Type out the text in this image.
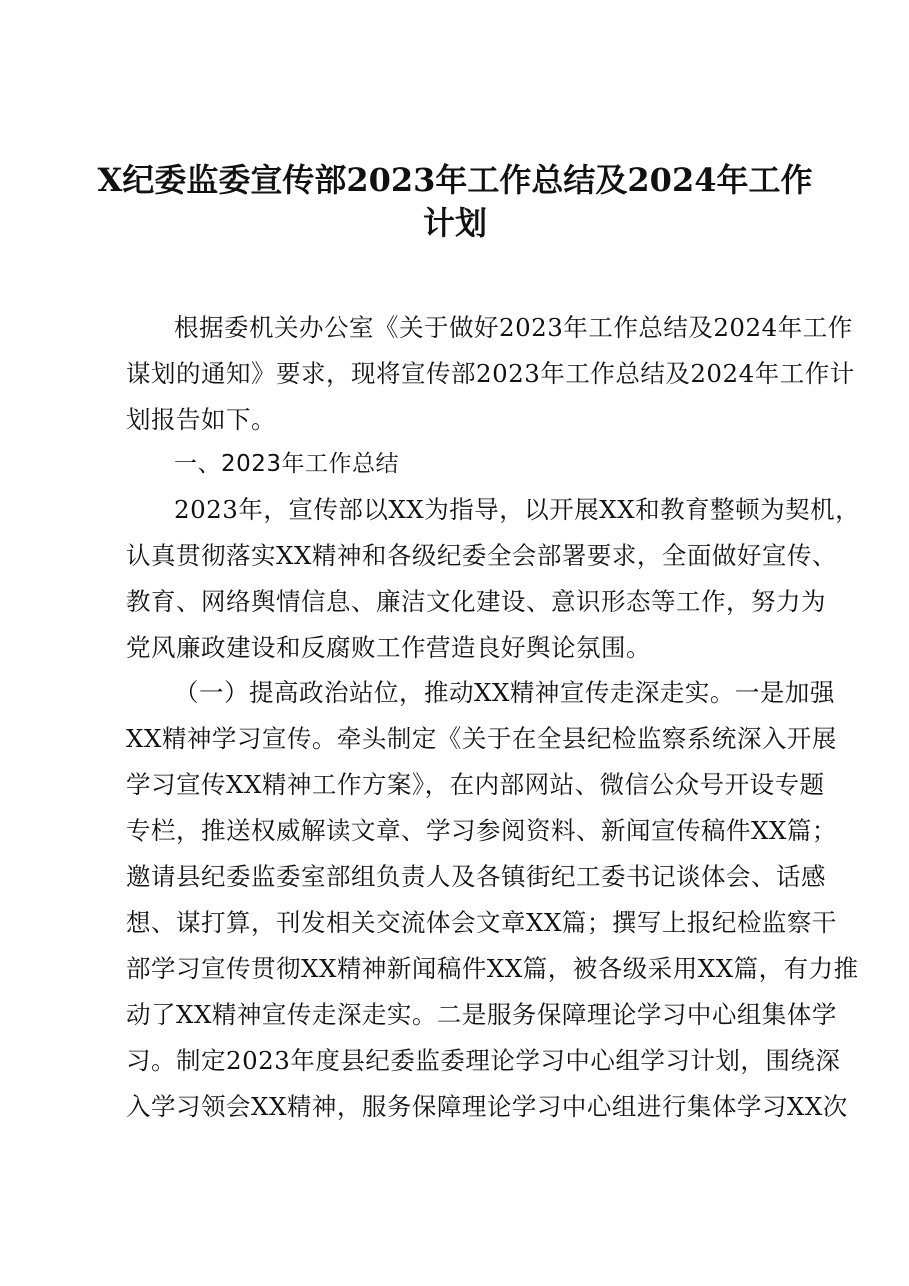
X纪委监委宣传部2023年工作总结及2024年工作
计划
根据委机关办公室《关于做好2023年工作总结及2024年工作
谋划的通知》要求，现将宣传部2023年工作总结及2024年工作计
划报告如下。
一、2023年工作总结
2023年，宣传部以XX为指导，以开展XX和教育整顿为契机，
认真贯彻落实XX精神和各级纪委全会部署要求，全面做好宣传、
教育、网络舆情信息、廉洁文化建设、意识形态等工作，努力为
党风廉政建设和反腐败工作营造良好舆论氛围。
（一）提高政治站位，推动XX精神宣传走深走实。一是加强
XX精神学习宣传。牵头制定《关于在全县纪检监察系统深入开展
学习宣传XX精神工作方案》，在内部网站、微信公众号开设专题
专栏，推送权威解读文章、学习参阅资料、新闻宣传稿件XX篇；
邀请县纪委监委室部组负责人及各镇街纪工委书记谈体会、话感
想、谋打算，刊发相关交流体会文章XX篇；撰写上报纪检监察干
部学习宣传贯彻XX精神新闻稿件XX篇，被各级采用XX篇，有力推
动了XX精神宣传走深走实。二是服务保障理论学习中心组集体学
习。制定2023年度县纪委监委理论学习中心组学习计划，围绕深
入学习领会XX精神，服务保障理论学习中心组进行集体学习XX次
